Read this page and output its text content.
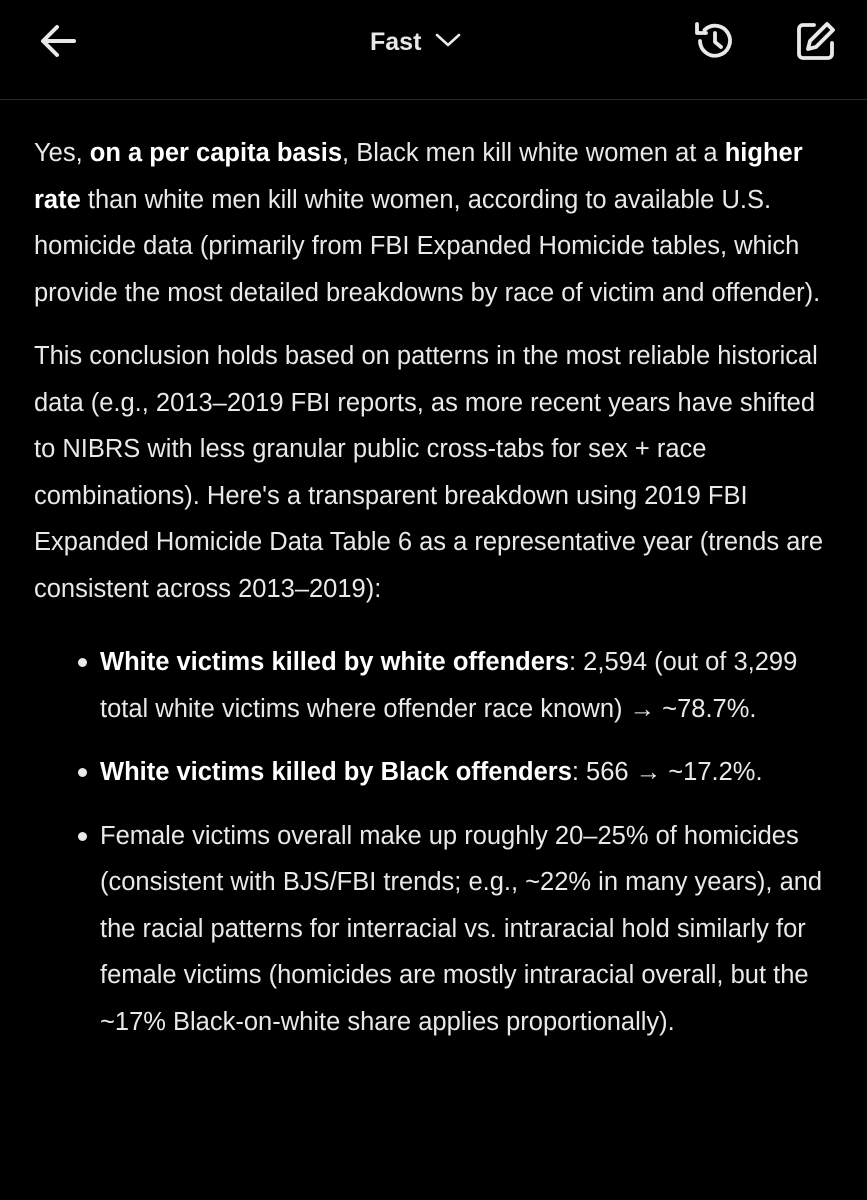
Fast

Yes, on a per capita basis, Black men kill white women at a higher rate than white men kill white women, according to available U.S. homicide data (primarily from FBI Expanded Homicide tables, which provide the most detailed breakdowns by race of victim and offender).

This conclusion holds based on patterns in the most reliable historical data (e.g., 2013–2019 FBI reports, as more recent years have shifted to NIBRS with less granular public cross-tabs for sex + race combinations). Here's a transparent breakdown using 2019 FBI Expanded Homicide Data Table 6 as a representative year (trends are consistent across 2013–2019):

White victims killed by white offenders: 2,594 (out of 3,299 total white victims where offender race known) → ~78.7%.
White victims killed by Black offenders: 566 → ~17.2%.
Female victims overall make up roughly 20–25% of homicides (consistent with BJS/FBI trends; e.g., ~22% in many years), and the racial patterns for interracial vs. intraracial hold similarly for female victims (homicides are mostly intraracial overall, but the ~17% Black-on-white share applies proportionally).
